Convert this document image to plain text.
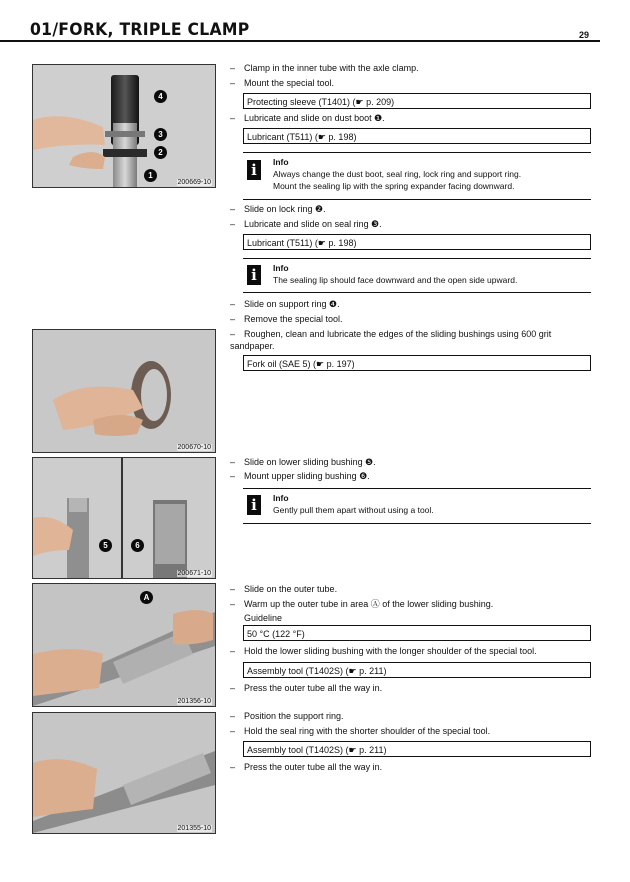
01/FORK, TRIPLE CLAMP	29
4
3
2
1
200669-10
200670-10
5	6
200671-10
A
201356-10
201355-10
– Clamp in the inner tube with the axle clamp.
– Mount the special tool.
Protecting sleeve (T1401) (☛ p. 209)
– Lubricate and slide on dust boot ❶.
Lubricant (T511) (☛ p. 198)
i	Info
Always change the dust boot, seal ring, lock ring and support ring.
Mount the sealing lip with the spring expander facing downward.
– Slide on lock ring ❷.
– Lubricate and slide on seal ring ❸.
Lubricant (T511) (☛ p. 198)
i	Info
The sealing lip should face downward and the open side upward.
– Slide on support ring ❹.
– Remove the special tool.
– Roughen, clean and lubricate the edges of the sliding bushings using 600 grit sandpaper.
Fork oil (SAE 5) (☛ p. 197)
– Slide on lower sliding bushing ❺.
– Mount upper sliding bushing ❻.
i	Info
Gently pull them apart without using a tool.
– Slide on the outer tube.
– Warm up the outer tube in area Ⓐ of the lower sliding bushing.
Guideline
50 °C (122 °F)
– Hold the lower sliding bushing with the longer shoulder of the special tool.
Assembly tool (T1402S) (☛ p. 211)
– Press the outer tube all the way in.
– Position the support ring.
– Hold the seal ring with the shorter shoulder of the special tool.
Assembly tool (T1402S) (☛ p. 211)
– Press the outer tube all the way in.
